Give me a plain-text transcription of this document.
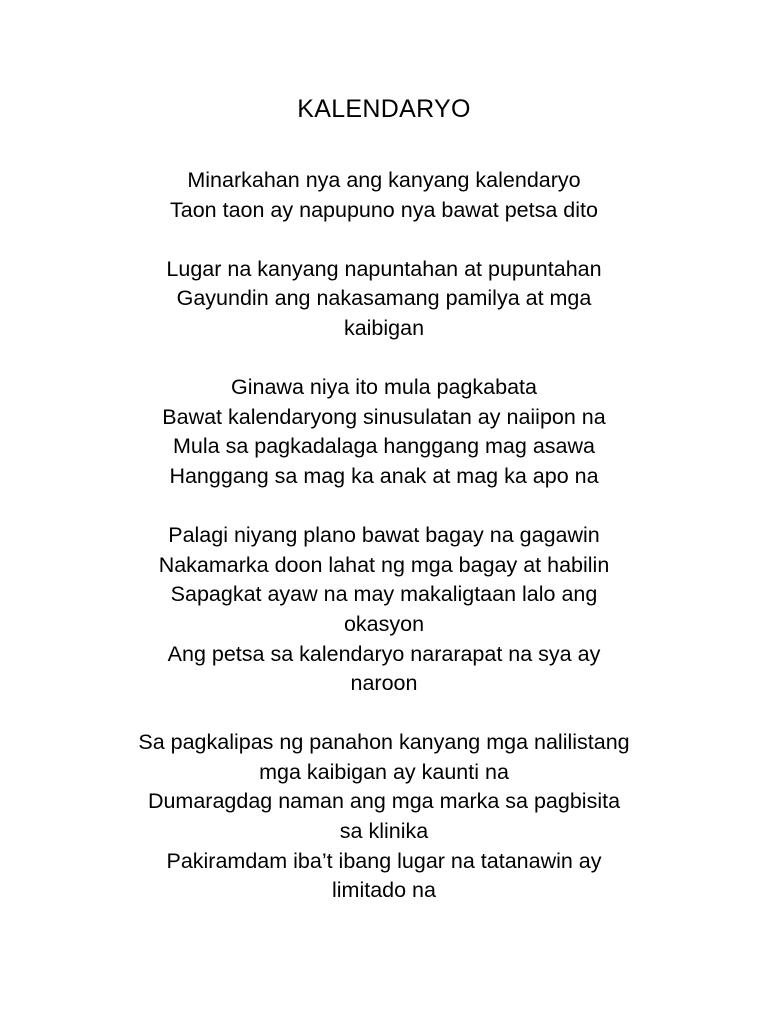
KALENDARYO
Minarkahan nya ang kanyang kalendaryo
Taon taon ay napupuno nya bawat petsa dito
Lugar na kanyang napuntahan at pupuntahan
Gayundin ang nakasamang pamilya at mga
kaibigan
Ginawa niya ito mula pagkabata
Bawat kalendaryong sinusulatan ay naiipon na
Mula sa pagkadalaga hanggang mag asawa
Hanggang sa mag ka anak at mag ka apo na
Palagi niyang plano bawat bagay na gagawin
Nakamarka doon lahat ng mga bagay at habilin
Sapagkat ayaw na may makaligtaan lalo ang
okasyon
Ang petsa sa kalendaryo nararapat na sya ay
naroon
Sa pagkalipas ng panahon kanyang mga nalilistang
mga kaibigan ay kaunti na
Dumaragdag naman ang mga marka sa pagbisita
sa klinika
Pakiramdam iba’t ibang lugar na tatanawin ay
limitado na
